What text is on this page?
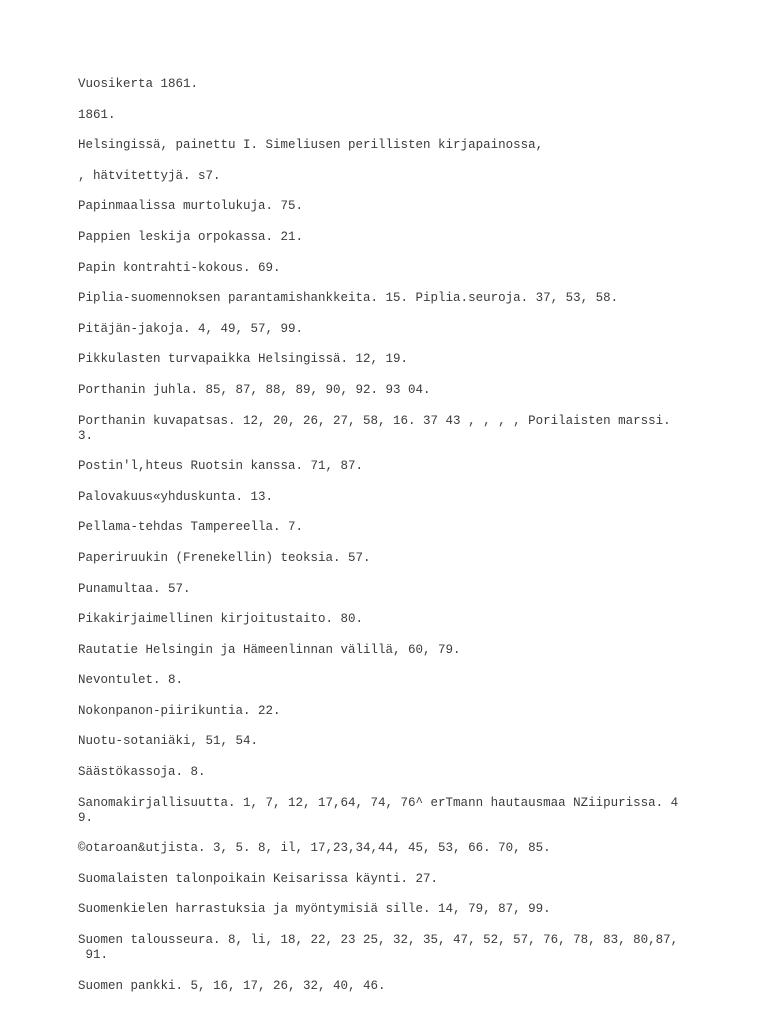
Vuosikerta 1861.
1861.
Helsingissä, painettu I. Simeliusen perillisten kirjapainossa,
, hätvitettyjä. s7.
Papinmaalissa murtolukuja. 75.
Pappien leskija orpokassa. 21.
Papin kontrahti-kokous. 69.
Piplia-suomennoksen parantamishankkeita. 15. Piplia.seuroja. 37, 53, 58.
Pitäjän-jakoja. 4, 49, 57, 99.
Pikkulasten turvapaikka Helsingissä. 12, 19.
Porthanin juhla. 85, 87, 88, 89, 90, 92. 93 04.
Porthanin kuvapatsas. 12, 20, 26, 27, 58, 16. 37 43 , , , , Porilaisten marssi.
3.
Postin'l,hteus Ruotsin kanssa. 71, 87.
Palovakuus«yhduskunta. 13.
Pellama-tehdas Tampereella. 7.
Paperiruukin (Frenekellin) teoksia. 57.
Punamultaa. 57.
Pikakirjaimellinen kirjoitustaito. 80.
Rautatie Helsingin ja Hämeenlinnan välillä, 60, 79.
Nevontulet. 8.
Nokonpanon-piirikuntia. 22.
Nuotu-sotaniäki, 51, 54.
Säästökassoja. 8.
Sanomakirjallisuutta. 1, 7, 12, 17,64, 74, 76^ erTmann hautausmaa NZiipurissa. 4
9.
©otaroan&utjista. 3, 5. 8, il, 17,23,34,44, 45, 53, 66. 70, 85.
Suomalaisten talonpoikain Keisarissa käynti. 27.
Suomenkielen harrastuksia ja myöntymisiä sille. 14, 79, 87, 99.
Suomen talousseura. 8, li, 18, 22, 23 25, 32, 35, 47, 52, 57, 76, 78, 83, 80,87,
91.
Suomen pankki. 5, 16, 17, 26, 32, 40, 46.
